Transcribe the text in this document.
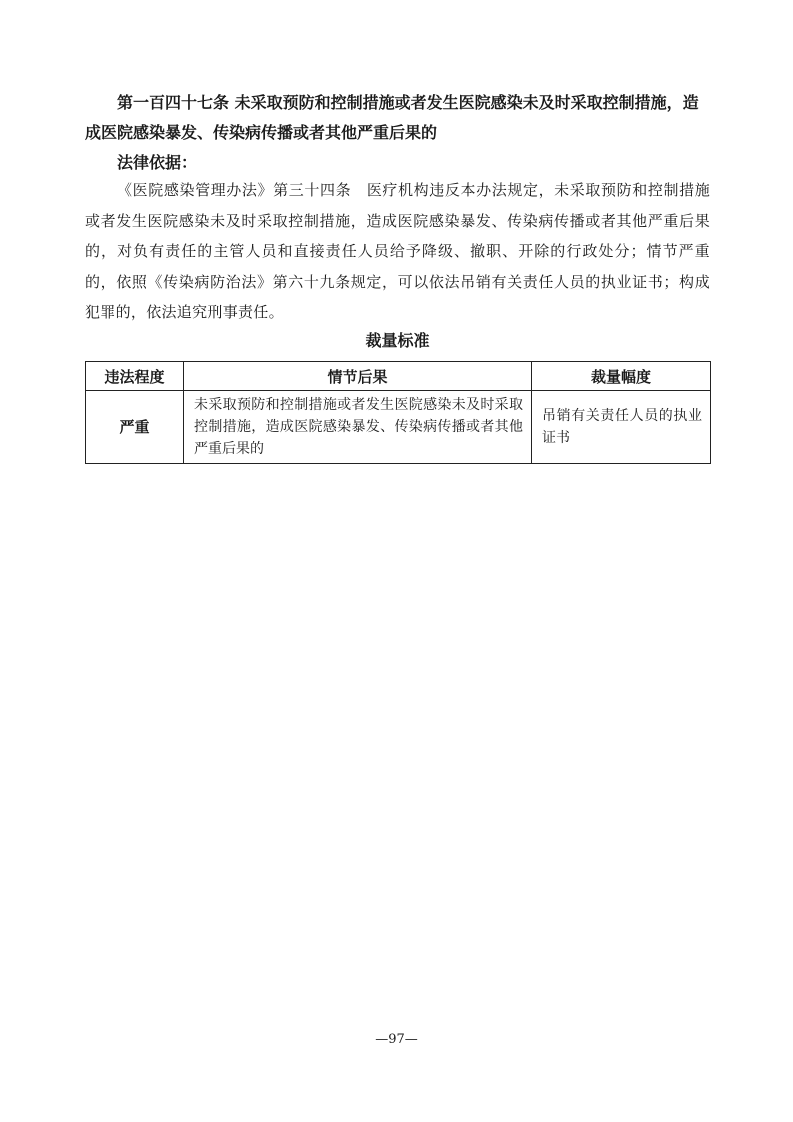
第一百四十七条 未采取预防和控制措施或者发生医院感染未及时采取控制措施，造成医院感染暴发、传染病传播或者其他严重后果的

法律依据：

《医院感染管理办法》第三十四条　医疗机构违反本办法规定，未采取预防和控制措施或者发生医院感染未及时采取控制措施，造成医院感染暴发、传染病传播或者其他严重后果的，对负有责任的主管人员和直接责任人员给予降级、撤职、开除的行政处分；情节严重的，依照《传染病防治法》第六十九条规定，可以依法吊销有关责任人员的执业证书；构成犯罪的，依法追究刑事责任。

裁量标准

违法程度	情节后果	裁量幅度
严重	未采取预防和控制措施或者发生医院感染未及时采取控制措施，造成医院感染暴发、传染病传播或者其他严重后果的	吊销有关责任人员的执业证书

—97—
